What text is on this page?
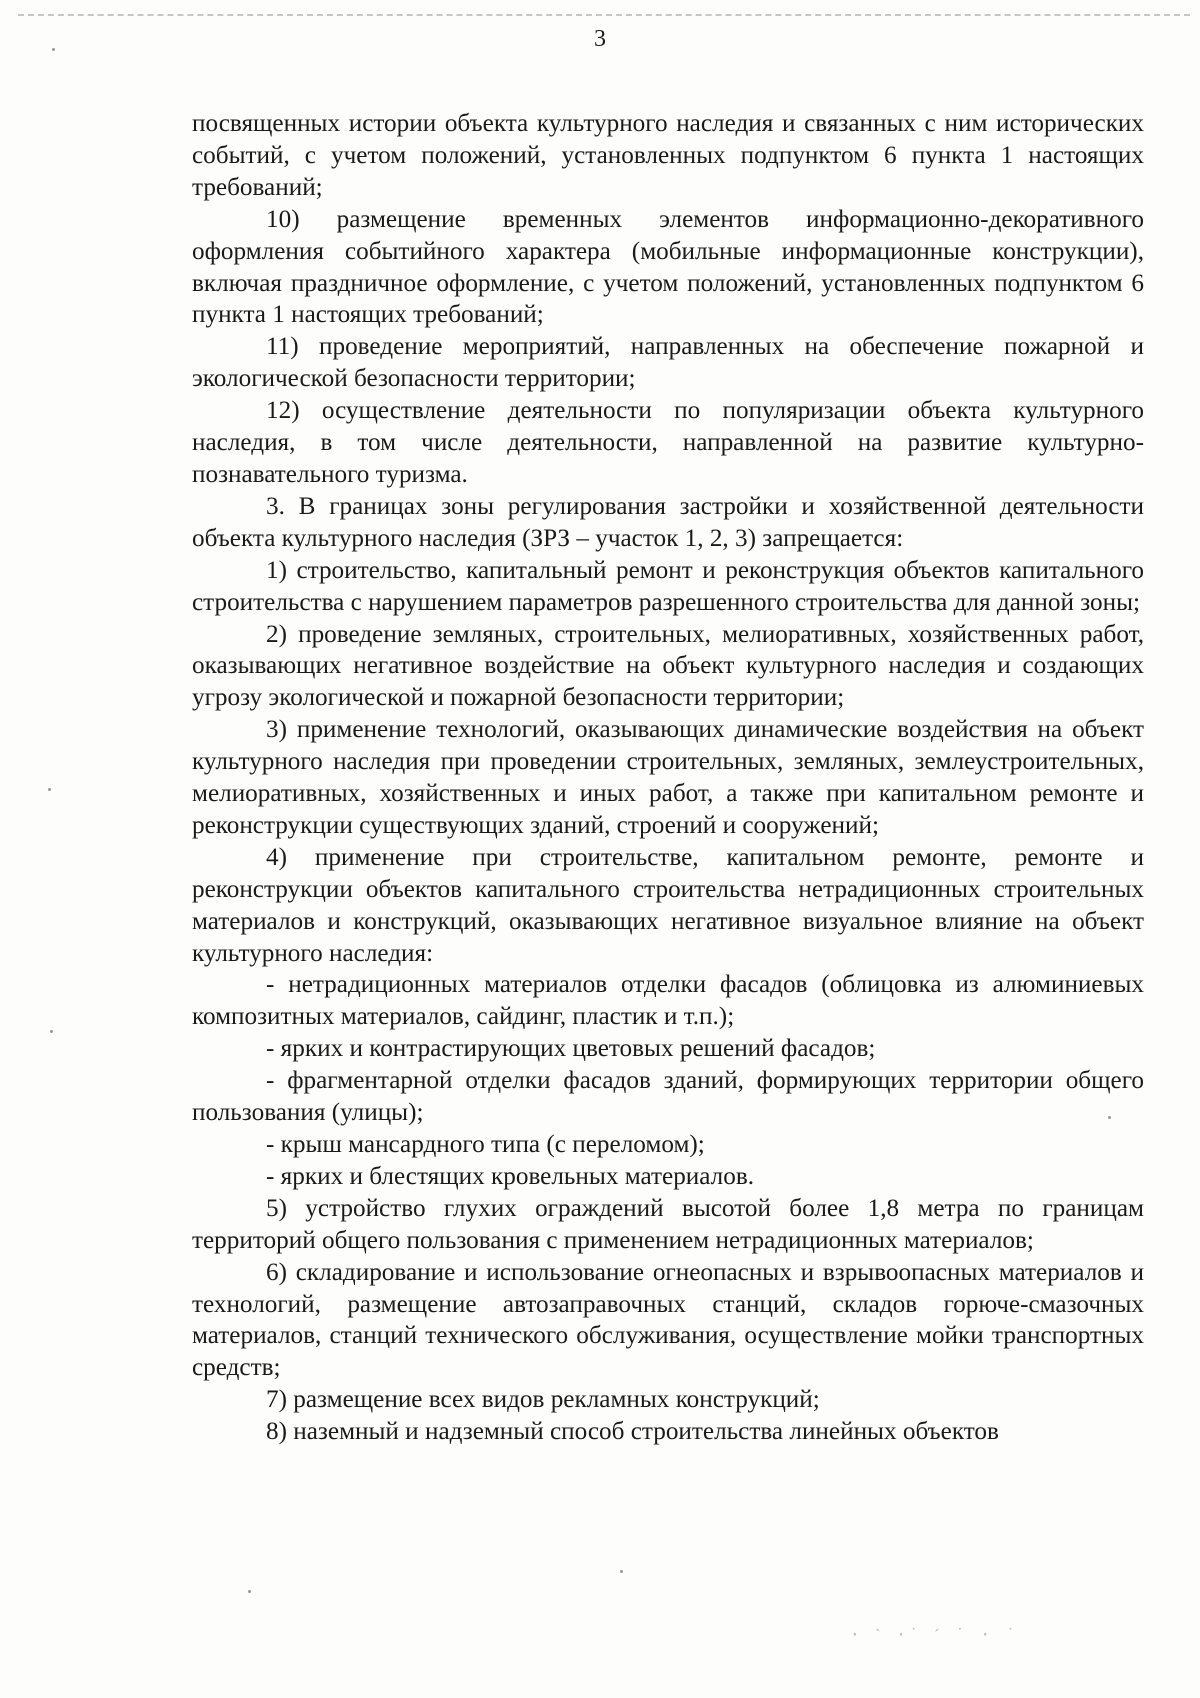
3

посвященных истории объекта культурного наследия и связанных с ним исторических событий, с учетом положений, установленных подпунктом 6 пункта 1 настоящих требований;

10) размещение временных элементов информационно-декоративного оформления событийного характера (мобильные информационные конструкции), включая праздничное оформление, с учетом положений, установленных подпунктом 6 пункта 1 настоящих требований;

11) проведение мероприятий, направленных на обеспечение пожарной и экологической безопасности территории;

12) осуществление деятельности по популяризации объекта культурного наследия, в том числе деятельности, направленной на развитие культурно-познавательного туризма.

3. В границах зоны регулирования застройки и хозяйственной деятельности объекта культурного наследия (ЗРЗ – участок 1, 2, 3) запрещается:

1) строительство, капитальный ремонт и реконструкция объектов капитального строительства с нарушением параметров разрешенного строительства для данной зоны;

2) проведение земляных, строительных, мелиоративных, хозяйственных работ, оказывающих негативное воздействие на объект культурного наследия и создающих угрозу экологической и пожарной безопасности территории;

3) применение технологий, оказывающих динамические воздействия на объект культурного наследия при проведении строительных, земляных, землеустроительных, мелиоративных, хозяйственных и иных работ, а также при капитальном ремонте и реконструкции существующих зданий, строений и сооружений;

4) применение при строительстве, капитальном ремонте, ремонте и реконструкции объектов капитального строительства нетрадиционных строительных материалов и конструкций, оказывающих негативное визуальное влияние на объект культурного наследия:

- нетрадиционных материалов отделки фасадов (облицовка из алюминиевых композитных материалов, сайдинг, пластик и т.п.);

- ярких и контрастирующих цветовых решений фасадов;

- фрагментарной отделки фасадов зданий, формирующих территории общего пользования (улицы);

- крыш мансардного типа (с переломом);

- ярких и блестящих кровельных материалов.

5) устройство глухих ограждений высотой более 1,8 метра по границам территорий общего пользования с применением нетрадиционных материалов;

6) складирование и использование огнеопасных и взрывоопасных материалов и технологий, размещение автозаправочных станций, складов горюче-смазочных материалов, станций технического обслуживания, осуществление мойки транспортных средств;

7) размещение всех видов рекламных конструкций;

8) наземный и надземный способ строительства линейных объектов

· ˋ ·˙ ˊ ˙ · ˙
